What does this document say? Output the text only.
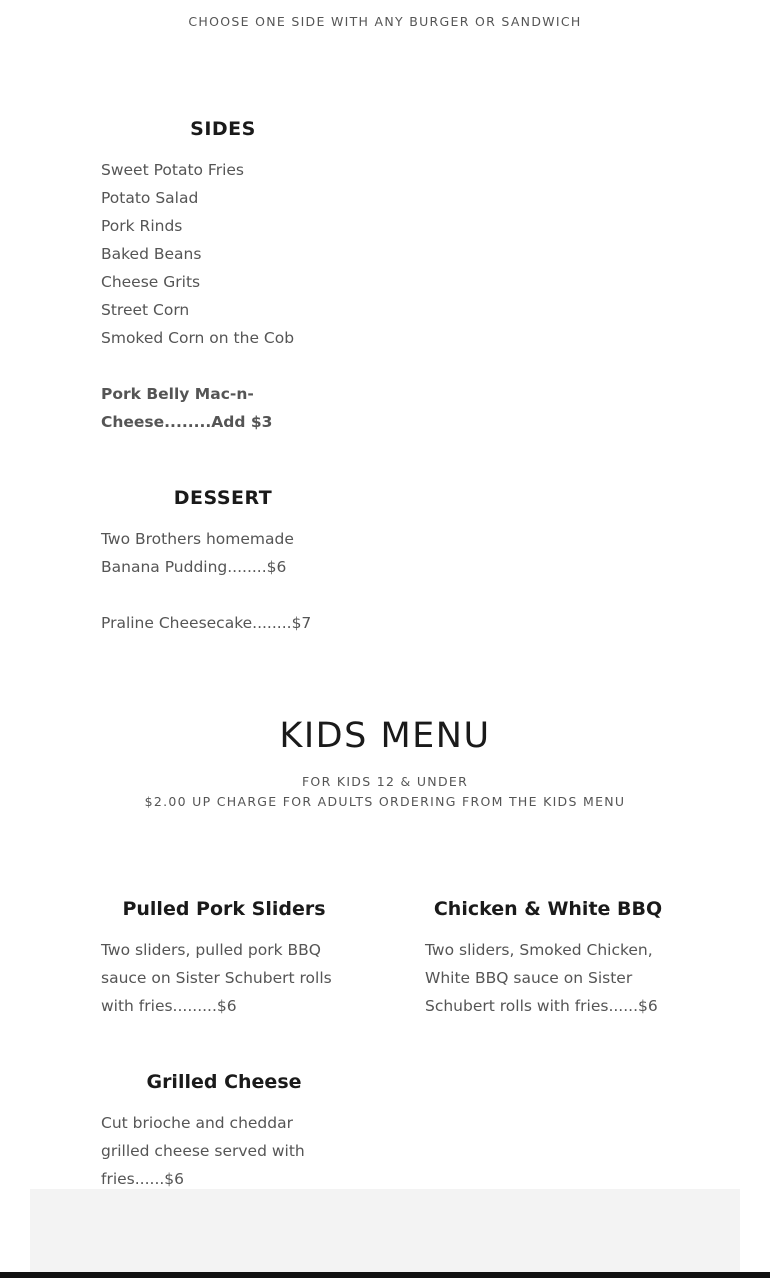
CHOOSE ONE SIDE WITH ANY BURGER OR SANDWICH
SIDES
Sweet Potato Fries
Potato Salad
Pork Rinds
Baked Beans
Cheese Grits
Street Corn
Smoked Corn on the Cob
Pork Belly Mac-n-
Cheese........Add $3
DESSERT
Two Brothers homemade
Banana Pudding........$6
Praline Cheesecake........$7
KIDS MENU
FOR KIDS 12 & UNDER
$2.00 UP CHARGE FOR ADULTS ORDERING FROM THE KIDS MENU
Pulled Pork Sliders
Two sliders, pulled pork BBQ
sauce on Sister Schubert rolls
with fries.........$6
Chicken & White BBQ
Two sliders, Smoked Chicken,
White BBQ sauce on Sister
Schubert rolls with fries......$6
Grilled Cheese
Cut brioche and cheddar
grilled cheese served with
fries......$6
